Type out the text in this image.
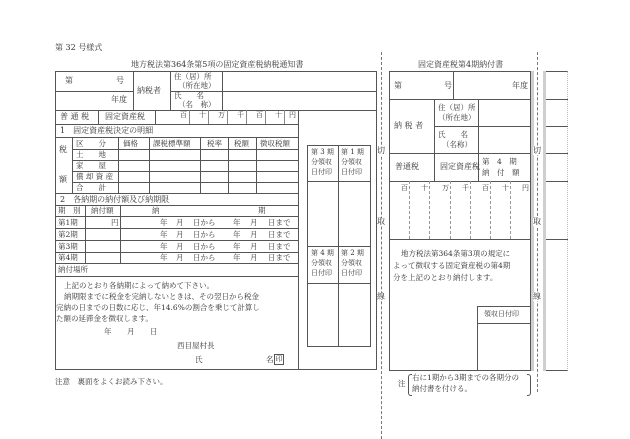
第 32 号様式
地方税法第364条第5項の固定資産税納税通知書
第	号
年度
納税者
住（居）所
（所在地）
氏　　名
（名　称）
普 通 税 固定資産税	百 十 万 千 百 十 円
1　固定資産税決定の明細
税
額
区　　分 価格 課税標準額 税率 税額 徴収税額
土　　地
家　　屋
償 却 資 産
合　　計
2　各納期の納付額及び納期限
期　別 納付額	納	期
第1期	円	年 月 日から 年 月 日まで
第2期	年 月 日から 年 月 日まで
第3期	年 月 日から 年 月 日まで
第4期	年 月 日から 年 月 日まで
納付場所
上記のとおり各納期によって納めて下さい。
納期限までに税金を完納しないときは、その翌日から税金
完納の日までの日数に応じ、年14.6%の割合を乗じて計算し
た額の延滞金を徴収します。
年 月 日
西目屋村長
氏	名 印
第 3 期
分領収
日付印
第 1 期
分領収
日付印
第 4 期
分領収
日付印
第 2 期
分領収
日付印
注意　裏面をよくお読み下さい。
切
取
線
固定資産税第4期納付書
第	号	年度
納 税 者
住（居）所
（所在地）
氏　　名
（名称）
普通税	固定資産税
第　4　期
納　付　額
百 十 万 千 百 十 円
地方税法第364条第3項の規定に
よって徴収する固定資産税の第4期
分を上記のとおり納付します。
領収日付印
注
右に1期から3期までの各期分の
納付書を付ける。
切
取
線
